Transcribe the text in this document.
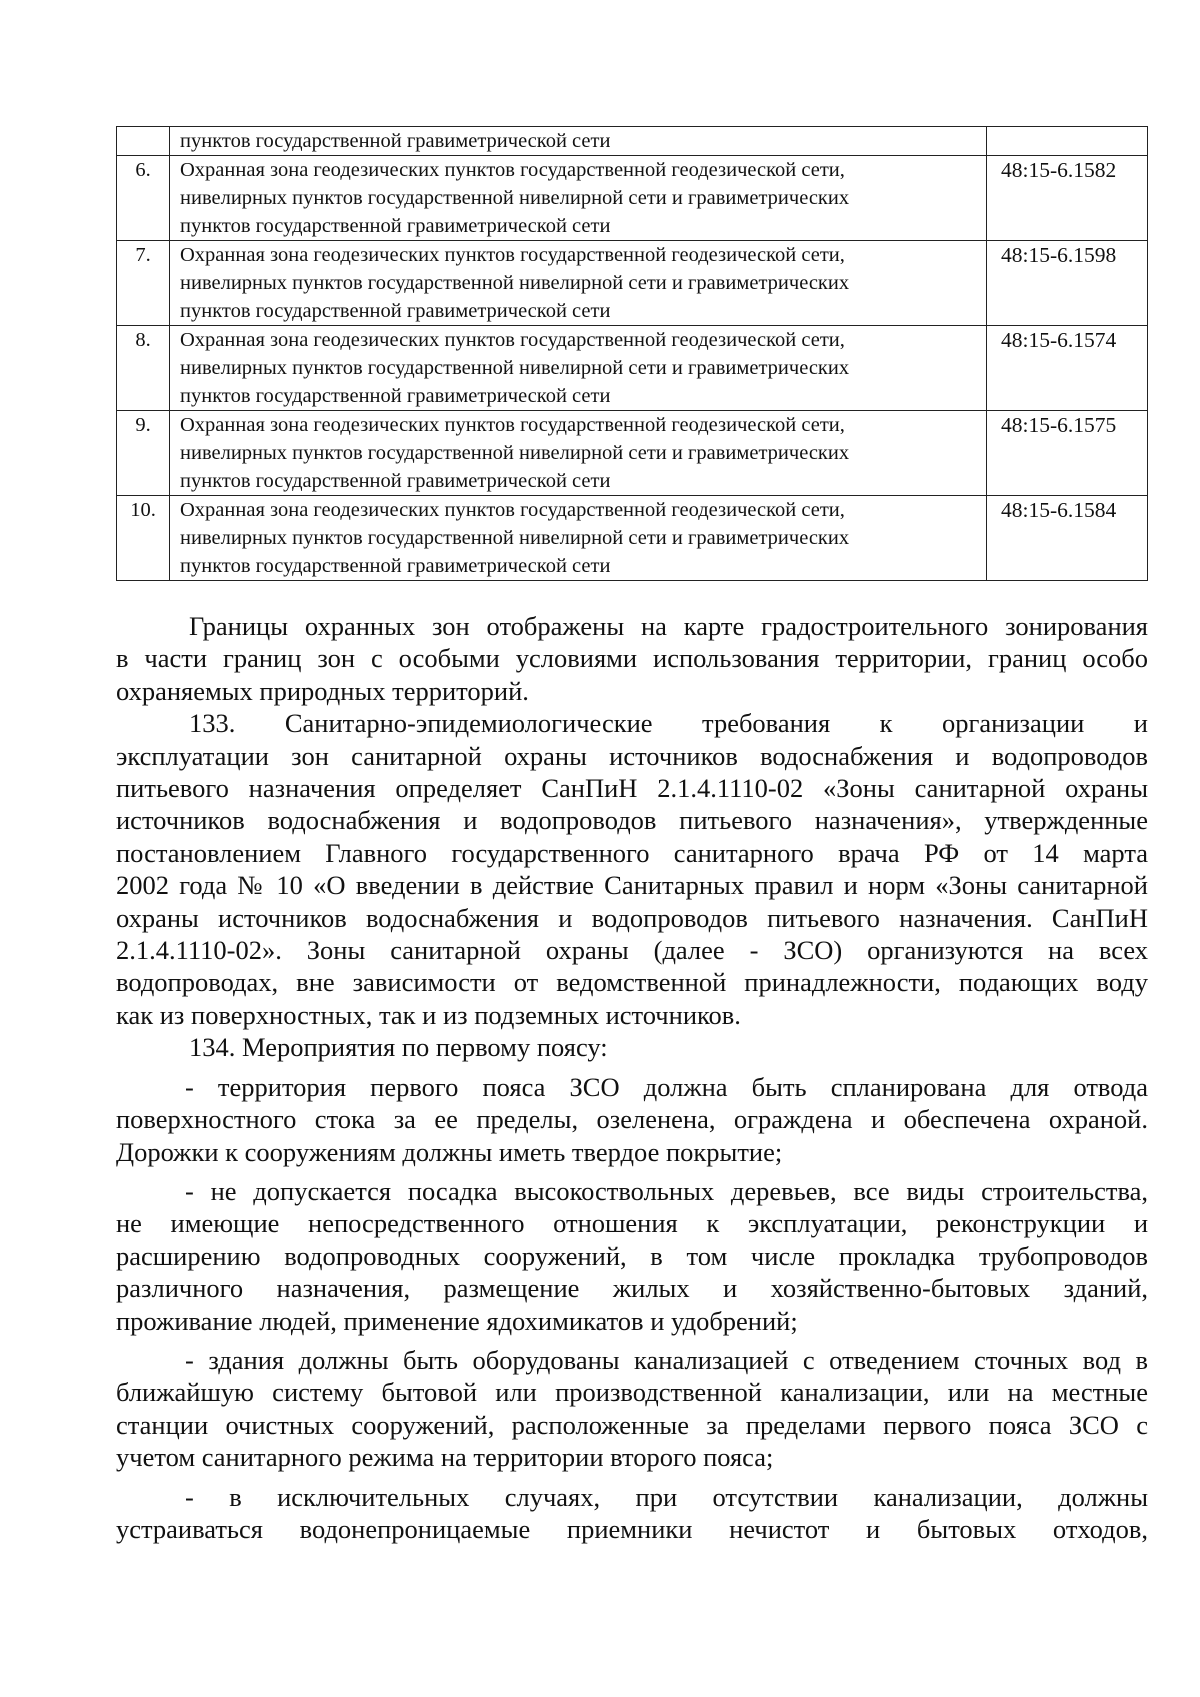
	пунктов государственной гравиметрической сети	

6.	Охранная зона геодезических пунктов государственной геодезической сети,
нивелирных пунктов государственной нивелирной сети и гравиметрических
пунктов государственной гравиметрической сети	48:15-6.1582
7.	Охранная зона геодезических пунктов государственной геодезической сети,
нивелирных пунктов государственной нивелирной сети и гравиметрических
пунктов государственной гравиметрической сети	48:15-6.1598
8.	Охранная зона геодезических пунктов государственной геодезической сети,
нивелирных пунктов государственной нивелирной сети и гравиметрических
пунктов государственной гравиметрической сети	48:15-6.1574
9.	Охранная зона геодезических пунктов государственной геодезической сети,
нивелирных пунктов государственной нивелирной сети и гравиметрических
пунктов государственной гравиметрической сети	48:15-6.1575
10.	Охранная зона геодезических пунктов государственной геодезической сети,
нивелирных пунктов государственной нивелирной сети и гравиметрических
пунктов государственной гравиметрической сети	48:15-6.1584

Границы охранных зон отображены на карте градостроительного зонирования
в части границ зон с особыми условиями использования территории, границ особо
охраняемых природных территорий.

133. Санитарно-эпидемиологические требования к организации и
эксплуатации зон санитарной охраны источников водоснабжения и водопроводов
питьевого назначения определяет СанПиН 2.1.4.1110-02 «Зоны санитарной охраны
источников водоснабжения и водопроводов питьевого назначения», утвержденные
постановлением Главного государственного санитарного врача РФ от 14 марта
2002 года № 10 «О введении в действие Санитарных правил и норм «Зоны санитарной
охраны источников водоснабжения и водопроводов питьевого назначения. СанПиН
2.1.4.1110-02». Зоны санитарной охраны (далее - ЗСО) организуются на всех
водопроводах, вне зависимости от ведомственной принадлежности, подающих воду
как из поверхностных, так и из подземных источников.

134. Мероприятия по первому поясу:

- территория первого пояса ЗСО должна быть спланирована для отвода
поверхностного стока за ее пределы, озеленена, ограждена и обеспечена охраной.
Дорожки к сооружениям должны иметь твердое покрытие;

- не допускается посадка высокоствольных деревьев, все виды строительства,
не имеющие непосредственного отношения к эксплуатации, реконструкции и
расширению водопроводных сооружений, в том числе прокладка трубопроводов
различного назначения, размещение жилых и хозяйственно-бытовых зданий,
проживание людей, применение ядохимикатов и удобрений;

- здания должны быть оборудованы канализацией с отведением сточных вод в
ближайшую систему бытовой или производственной канализации, или на местные
станции очистных сооружений, расположенные за пределами первого пояса ЗСО с
учетом санитарного режима на территории второго пояса;

- в исключительных случаях, при отсутствии канализации, должны
устраиваться водонепроницаемые приемники нечистот и бытовых отходов,
